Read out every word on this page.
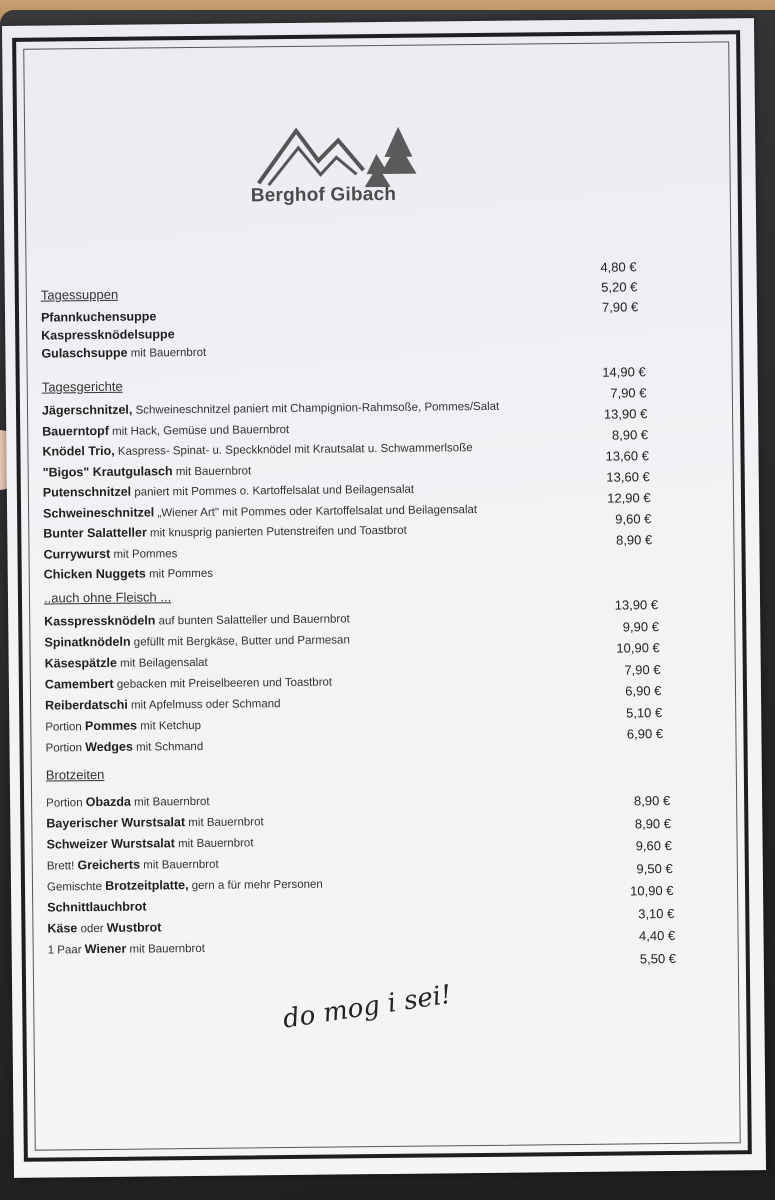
Berghof Gibach
Tagessuppen
Pfannkuchensuppe
Kaspressknödelsuppe
Gulaschsuppe mit Bauernbrot
Tagesgerichte
Jägerschnitzel, Schweineschnitzel paniert mit Champignion-Rahmsoße, Pommes/Salat
Bauerntopf mit Hack, Gemüse und Bauernbrot
Knödel Trio, Kaspress- Spinat- u. Speckknödel mit Krautsalat u. Schwammerlsoße
"Bigos" Krautgulasch mit Bauernbrot
Putenschnitzel paniert mit Pommes o. Kartoffelsalat und Beilagensalat
Schweineschnitzel „Wiener Art" mit Pommes oder Kartoffelsalat und Beilagensalat
Bunter Salatteller mit knusprig panierten Putenstreifen und Toastbrot
Currywurst mit Pommes
Chicken Nuggets mit Pommes
..auch ohne Fleisch ...
Kasspressknödeln auf bunten Salatteller und Bauernbrot
Spinatknödeln gefüllt mit Bergkäse, Butter und Parmesan
Käsespätzle mit Beilagensalat
Camembert gebacken mit Preiselbeeren und Toastbrot
Reiberdatschi mit Apfelmuss oder Schmand
Portion Pommes mit Ketchup
Portion Wedges mit Schmand
Brotzeiten
Portion Obazda mit Bauernbrot
Bayerischer Wurstsalat mit Bauernbrot
Schweizer Wurstsalat mit Bauernbrot
Brett! Greicherts mit Bauernbrot
Gemischte Brotzeitplatte, gern a für mehr Personen
Schnittlauchbrot
Käse oder Wustbrot
1 Paar Wiener mit Bauernbrot
do mog i sei!
4,80 €
5,20 €
7,90 €
14,90 €
7,90 €
13,90 €
8,90 €
13,60 €
13,60 €
12,90 €
9,60 €
8,90 €
13,90 €
9,90 €
10,90 €
7,90 €
6,90 €
5,10 €
6,90 €
8,90 €
8,90 €
9,60 €
9,50 €
10,90 €
3,10 €
4,40 €
5,50 €
